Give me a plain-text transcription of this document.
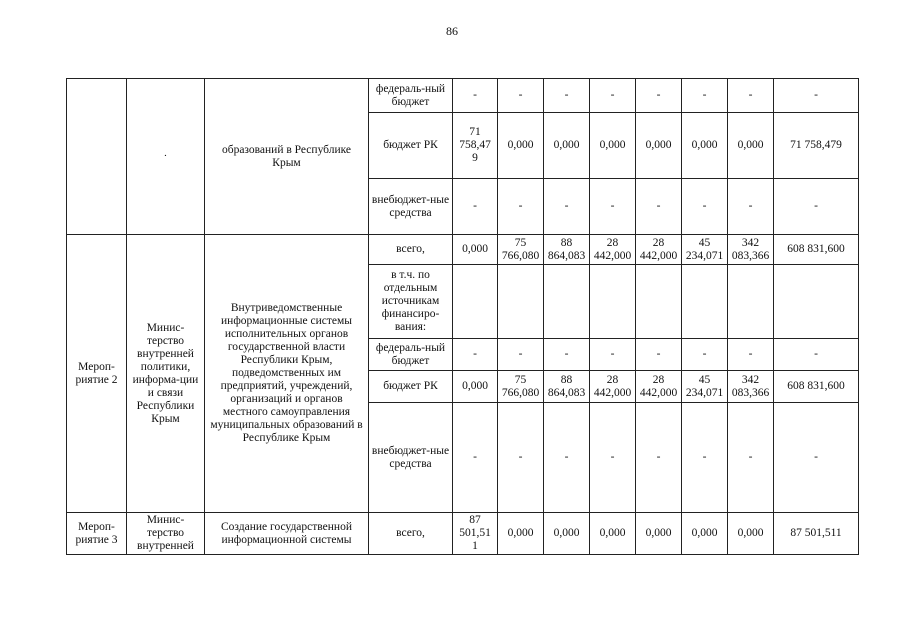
86
	·	образований в Республике Крым	федераль-ный бюджет	-	-	-	-	-	-	-	-
			бюджет РК	71 758,47 9	0,000	0,000	0,000	0,000	0,000	0,000	71 758,479
			внебюджет-ные средства	-	-	-	-	-	-	-	-
Мероп-риятие 2	Минис-терство внутренней политики, информа-ции и связи Республики Крым	Внутриведомственные информационные системы исполнительных органов государственной власти Республики Крым, подведомственных им предприятий, учреждений, организаций и органов местного самоуправления муниципальных образований в Республике Крым	всего,	0,000	75 766,080	88 864,083	28 442,000	28 442,000	45 234,071	342 083,366	608 831,600
			в т.ч. по отдельным источникам финансиро-вания:								
			федераль-ный бюджет	-	-	-	-	-	-	-	-
			бюджет РК	0,000	75 766,080	88 864,083	28 442,000	28 442,000	45 234,071	342 083,366	608 831,600
			внебюджет-ные средства	-	-	-	-	-	-	-	-
Мероп-риятие 3	Минис-терство внутренней	Создание государственной информационной системы	всего,	87 501,51 1	0,000	0,000	0,000	0,000	0,000	0,000	87 501,511
